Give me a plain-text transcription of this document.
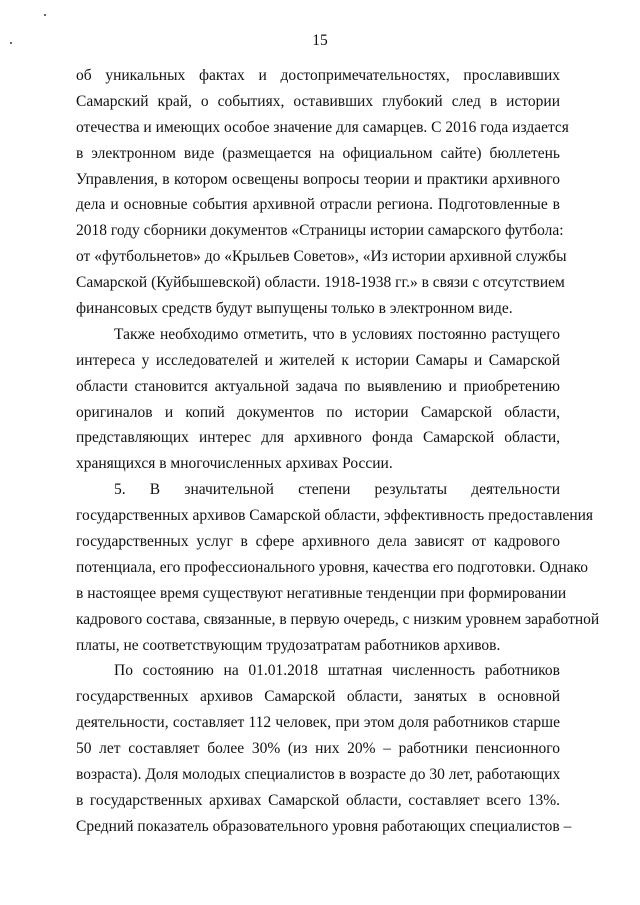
15
об уникальных фактах и достопримечательностях, прославивших
Самарский край, о событиях, оставивших глубокий след в истории
отечества и имеющих особое значение для самарцев. С 2016 года издается
в электронном виде (размещается на официальном сайте) бюллетень
Управления, в котором освещены вопросы теории и практики архивного
дела и основные события архивной отрасли региона. Подготовленные в
2018 году сборники документов «Страницы истории самарского футбола:
от «футбольнетов» до «Крыльев Советов», «Из истории архивной службы
Самарской (Куйбышевской) области. 1918-1938 гг.» в связи с отсутствием
финансовых средств будут выпущены только в электронном виде.
Также необходимо отметить, что в условиях постоянно растущего
интереса у исследователей и жителей к истории Самары и Самарской
области становится актуальной задача по выявлению и приобретению
оригиналов и копий документов по истории Самарской области,
представляющих интерес для архивного фонда Самарской области,
хранящихся в многочисленных архивах России.
5. В значительной степени результаты деятельности
государственных архивов Самарской области, эффективность предоставления
государственных услуг в сфере архивного дела зависят от кадрового
потенциала, его профессионального уровня, качества его подготовки. Однако
в настоящее время существуют негативные тенденции при формировании
кадрового состава, связанные, в первую очередь, с низким уровнем заработной
платы, не соответствующим трудозатратам работников архивов.
По состоянию на 01.01.2018 штатная численность работников
государственных архивов Самарской области, занятых в основной
деятельности, составляет 112 человек, при этом доля работников старше
50 лет составляет более 30% (из них 20% – работники пенсионного
возраста). Доля молодых специалистов в возрасте до 30 лет, работающих
в государственных архивах Самарской области, составляет всего 13%.
Средний показатель образовательного уровня работающих специалистов –
